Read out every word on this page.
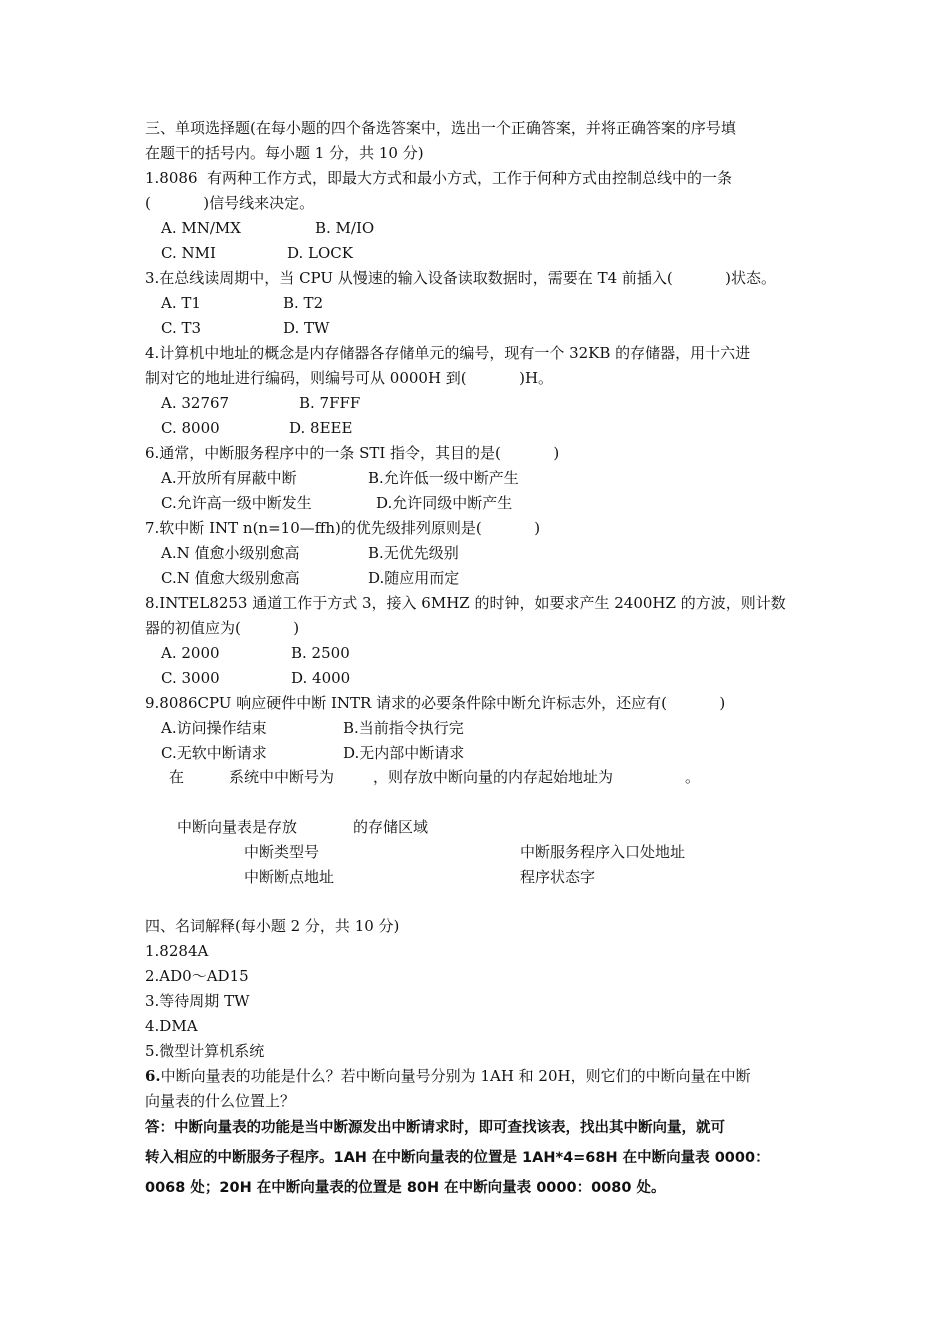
三、单项选择题(在每小题的四个备选答案中，选出一个正确答案，并将正确答案的序号填
在题干的括号内。每小题 1 分，共 10 分)
1.8086  有两种工作方式，即最大方式和最小方式，工作于何种方式由控制总线中的一条
(           )信号线来决定。
A. MN/MX	B. M/IO
C. NMI	D. LOCK
3.在总线读周期中，当 CPU 从慢速的输入设备读取数据时，需要在 T4 前插入(           )状态。
A. T1	B. T2
C. T3	D. TW
4.计算机中地址的概念是内存储器各存储单元的编号，现有一个 32KB 的存储器，用十六进
制对它的地址进行编码，则编号可从 0000H 到(           )H。
A. 32767	B. 7FFF
C. 8000	D. 8EEE
6.通常，中断服务程序中的一条 STI 指令，其目的是(           )
A.开放所有屏蔽中断	B.允许低一级中断产生
C.允许高一级中断发生	D.允许同级中断产生
7.软中断 INT n(n=10—ffh)的优先级排列原则是(           )
A.N 值愈小级别愈高	B.无优先级别
C.N 值愈大级别愈高	D.随应用而定
8.INTEL8253 通道工作于方式 3，接入 6MHZ 的时钟，如要求产生 2400HZ 的方波，则计数
器的初值应为(           )
A. 2000	B. 2500
C. 3000	D. 4000
9.8086CPU 响应硬件中断 INTR 请求的必要条件除中断允许标志外，还应有(           )
A.访问操作结束	B.当前指令执行完
C.无软中断请求	D.无内部中断请求
在	系统中中断号为	，则存放中断向量的内存起始地址为	。
中断向量表是存放	的存储区域
中断类型号	中断服务程序入口处地址
中断断点地址	程序状态字
四、名词解释(每小题 2 分，共 10 分)
1.8284A
2.AD0～AD15
3.等待周期 TW
4.DMA
5.微型计算机系统
6.中断向量表的功能是什么？若中断向量号分别为 1AH 和 20H，则它们的中断向量在中断
向量表的什么位置上？
答：中断向量表的功能是当中断源发出中断请求时，即可查找该表，找出其中断向量，就可
转入相应的中断服务子程序。1AH 在中断向量表的位置是 1AH*4=68H 在中断向量表 0000：
0068 处；20H 在中断向量表的位置是 80H 在中断向量表 0000：0080 处。
